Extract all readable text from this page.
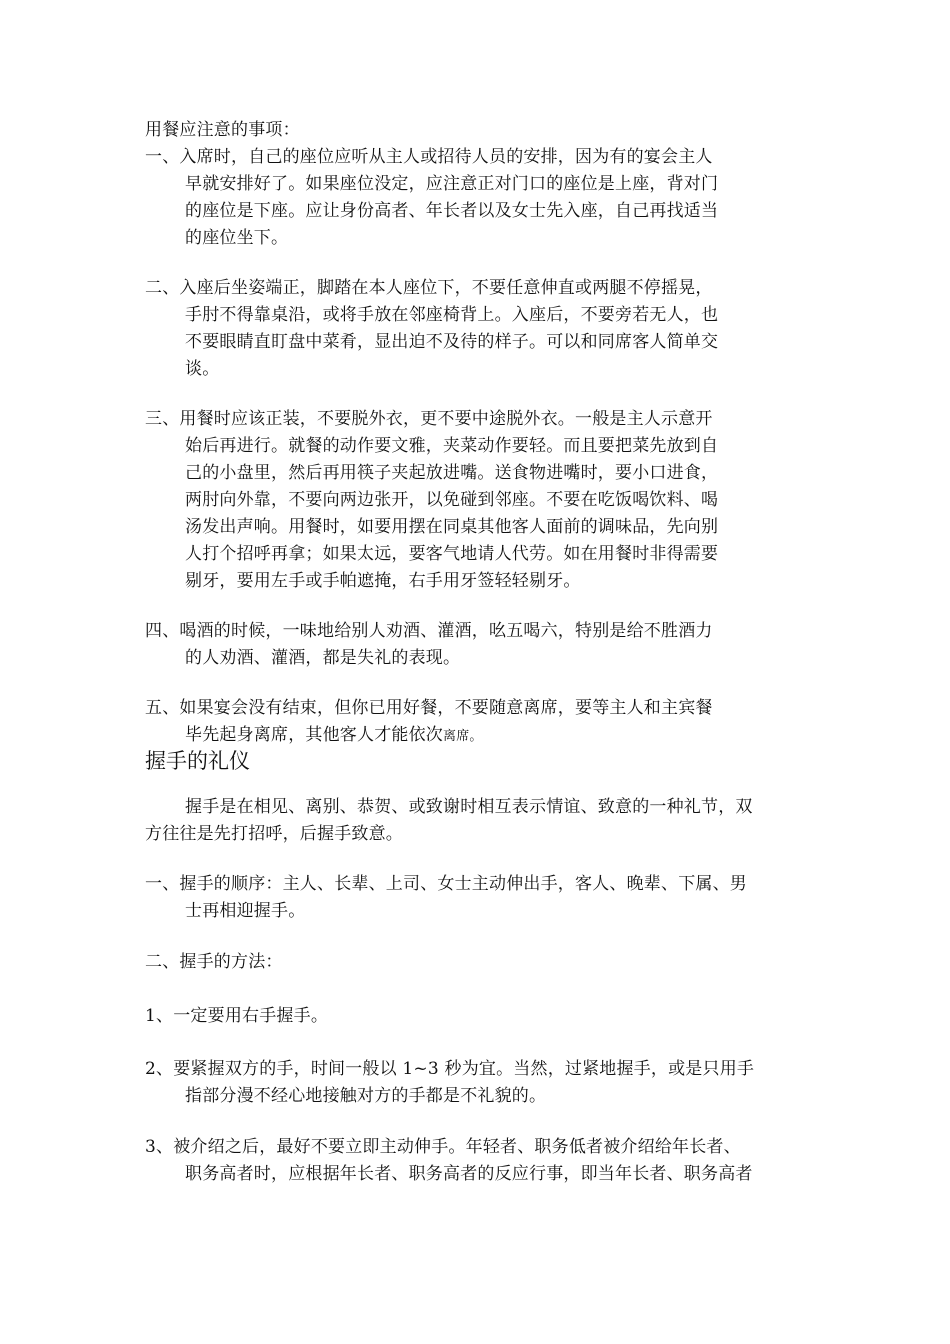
用餐应注意的事项：
一、入席时，自己的座位应听从主人或招待人员的安排，因为有的宴会主人
早就安排好了。如果座位没定，应注意正对门口的座位是上座，背对门
的座位是下座。应让身份高者、年长者以及女士先入座，自己再找适当
的座位坐下。
二、入座后坐姿端正，脚踏在本人座位下，不要任意伸直或两腿不停摇晃，
手肘不得靠桌沿，或将手放在邻座椅背上。入座后，不要旁若无人，也
不要眼睛直盯盘中菜肴，显出迫不及待的样子。可以和同席客人简单交
谈。
三、用餐时应该正装，不要脱外衣，更不要中途脱外衣。一般是主人示意开
始后再进行。就餐的动作要文雅，夹菜动作要轻。而且要把菜先放到自
己的小盘里，然后再用筷子夹起放进嘴。送食物进嘴时，要小口进食，
两肘向外靠，不要向两边张开，以免碰到邻座。不要在吃饭喝饮料、喝
汤发出声响。用餐时，如要用摆在同桌其他客人面前的调味品，先向别
人打个招呼再拿；如果太远，要客气地请人代劳。如在用餐时非得需要
剔牙，要用左手或手帕遮掩，右手用牙签轻轻剔牙。
四、喝酒的时候，一味地给别人劝酒、灌酒，吆五喝六，特别是给不胜酒力
的人劝酒、灌酒，都是失礼的表现。
五、如果宴会没有结束，但你已用好餐，不要随意离席，要等主人和主宾餐
毕先起身离席，其他客人才能依次离席。
握手的礼仪
握手是在相见、离别、恭贺、或致谢时相互表示情谊、致意的一种礼节，双
方往往是先打招呼，后握手致意。
一、握手的顺序：主人、长辈、上司、女士主动伸出手，客人、晚辈、下属、男
士再相迎握手。
二、握手的方法：
1、一定要用右手握手。
2、要紧握双方的手，时间一般以 1~3 秒为宜。当然，过紧地握手，或是只用手
指部分漫不经心地接触对方的手都是不礼貌的。
3、被介绍之后，最好不要立即主动伸手。年轻者、职务低者被介绍给年长者、
职务高者时，应根据年长者、职务高者的反应行事，即当年长者、职务高者
